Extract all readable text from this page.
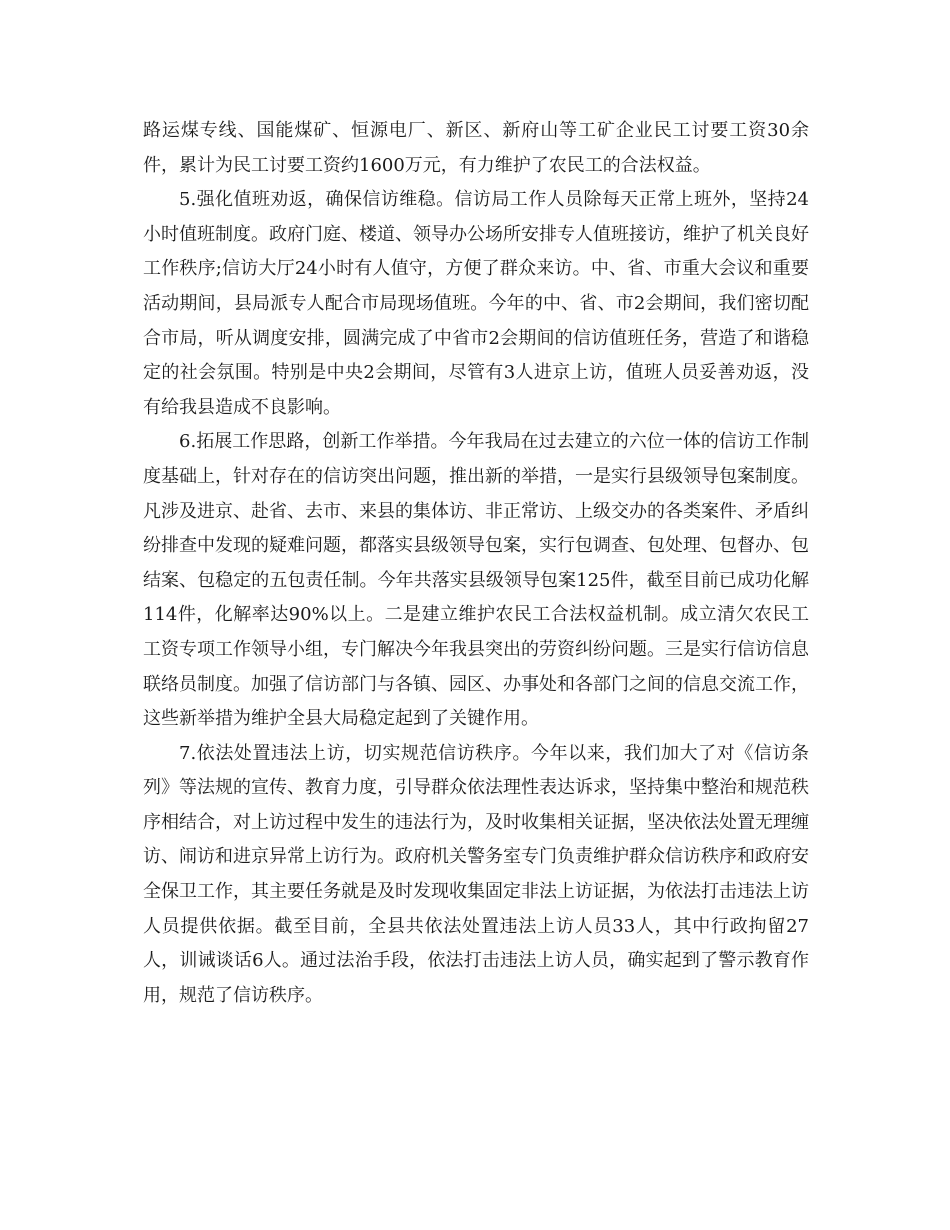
路运煤专线、国能煤矿、恒源电厂、新区、新府山等工矿企业民工讨要工资30余件，累计为民工讨要工资约1600万元，有力维护了农民工的合法权益。

5.强化值班劝返，确保信访维稳。信访局工作人员除每天正常上班外，坚持24小时值班制度。政府门庭、楼道、领导办公场所安排专人值班接访，维护了机关良好工作秩序;信访大厅24小时有人值守，方便了群众来访。中、省、市重大会议和重要活动期间，县局派专人配合市局现场值班。今年的中、省、市2会期间，我们密切配合市局，听从调度安排，圆满完成了中省市2会期间的信访值班任务，营造了和谐稳定的社会氛围。特别是中央2会期间，尽管有3人进京上访，值班人员妥善劝返，没有给我县造成不良影响。

6.拓展工作思路，创新工作举措。今年我局在过去建立的六位一体的信访工作制度基础上，针对存在的信访突出问题，推出新的举措，一是实行县级领导包案制度。凡涉及进京、赴省、去市、来县的集体访、非正常访、上级交办的各类案件、矛盾纠纷排查中发现的疑难问题，都落实县级领导包案，实行包调查、包处理、包督办、包结案、包稳定的五包责任制。今年共落实县级领导包案125件，截至目前已成功化解114件，化解率达90%以上。二是建立维护农民工合法权益机制。成立清欠农民工工资专项工作领导小组，专门解决今年我县突出的劳资纠纷问题。三是实行信访信息联络员制度。加强了信访部门与各镇、园区、办事处和各部门之间的信息交流工作，这些新举措为维护全县大局稳定起到了关键作用。

7.依法处置违法上访，切实规范信访秩序。今年以来，我们加大了对《信访条列》等法规的宣传、教育力度，引导群众依法理性表达诉求，坚持集中整治和规范秩序相结合，对上访过程中发生的违法行为，及时收集相关证据，坚决依法处置无理缠访、闹访和进京异常上访行为。政府机关警务室专门负责维护群众信访秩序和政府安全保卫工作，其主要任务就是及时发现收集固定非法上访证据，为依法打击违法上访人员提供依据。截至目前，全县共依法处置违法上访人员33人，其中行政拘留27人，训诫谈话6人。通过法治手段，依法打击违法上访人员，确实起到了警示教育作用，规范了信访秩序。
